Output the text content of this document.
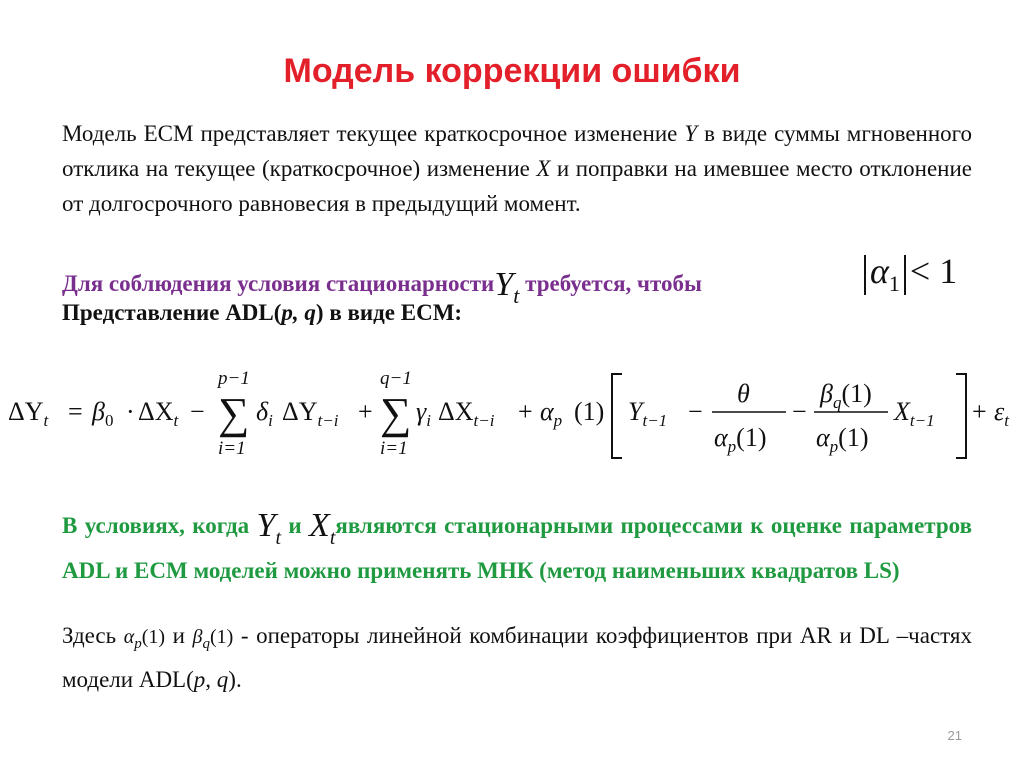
Модель коррекции ошибки
Модель ECM представляет текущее краткосрочное изменение Y в виде суммы мгновенного отклика на текущее (краткосрочное) изменение X и поправки на имевшее место отклонение от долгосрочного равновесия в предыдущий момент.
Для соблюдения условия стационарностиY$_t$ требуется, чтобы	$\alpha_1 < 1$
Представление ADL(p, q) в виде ECM:
$\Delta Y_t = \beta_0 \cdot \Delta X_t$ −
p−1
∑
i=1
$\delta_i$ $\Delta Y_{t-i}$ +
q−1
∑
i=1
$\gamma_i$ $\Delta X_{t-i} + \alpha_p$ (1) $Y_{t-1}$ −
θ
$\alpha_p(1)$
−
$\beta_q(1)$
$\alpha_p(1)$
$X_{t-1} + \varepsilon_t$
В условиях, когда $Y_t$ и $X_tявляются$ стационарными процессами к оценке параметров ADL и ECM моделей можно применять МНК (метод наименьших квадратов LS)
Здесь $\alpha_p(1)$ и $\beta_q(1)$ - операторы линейной комбинации коэффициентов при AR и DL –частях модели ADL(p, q).
21
